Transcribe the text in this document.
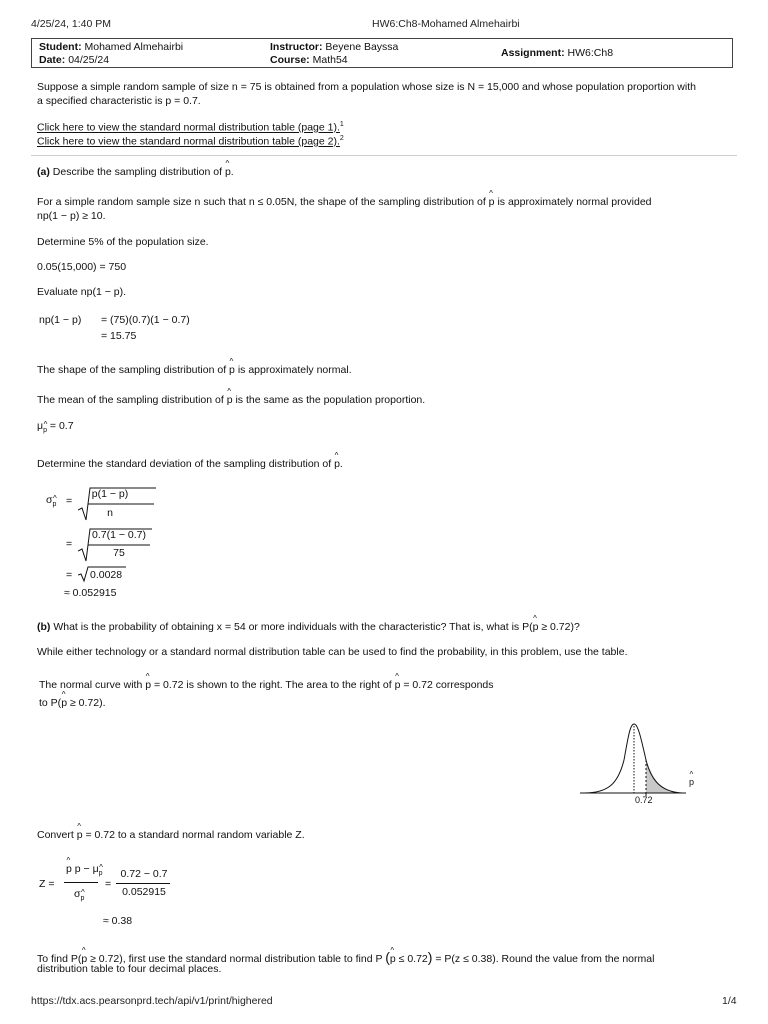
4/25/24, 1:40 PM	HW6:Ch8-Mohamed Almehairbi
Student: Mohamed Almehairbi
Date: 04/25/24
Instructor: Beyene Bayssa
Course: Math54
Assignment: HW6:Ch8
Suppose a simple random sample of size n = 75 is obtained from a population whose size is N = 15,000 and whose population proportion with
a specified characteristic is p = 0.7.
Click here to view the standard normal distribution table (page 1).$^1$
Click here to view the standard normal distribution table (page 2).$^2$
(a) Describe the sampling distribution of ^ p.
For a simple random sample size n such that n ≤ 0.05N, the shape of the sampling distribution of ^ p is approximately normal provided
np(1 − p) ≥ 10.
Determine 5% of the population size.
0.05(15,000) = 750
Evaluate np(1 − p).
np(1 − p) = (75)(0.7)(1 − 0.7)
= 15.75
The shape of the sampling distribution of ^ p is approximately normal.
The mean of the sampling distribution of ^ p is the same as the population proportion.
μ^ $_p$ = 0.7
Determine the standard deviation of the sampling distribution of ^ p.
σ^ $_p$ =
p(1 − p)
n
=
0.7(1 − 0.7)
75
= 0.0028
≈ 0.052915
(b) What is the probability of obtaining x = 54 or more individuals with the characteristic? That is, what is P(^ p ≥ 0.72)?
While either technology or a standard normal distribution table can be used to find the probability, in this problem, use the table.
The normal curve with ^ p = 0.72 is shown to the right. The area to the right of ^ p = 0.72 corresponds
to P(^ p ≥ 0.72).
^ p
0.72
Convert ^ p = 0.72 to a standard normal random variable Z.
Z =
^ p p − μ^ $_p$
σ^ $_p$
=
0.72 − 0.7
0.052915
≈ 0.38
To find P(^ p ≥ 0.72), first use the standard normal distribution table to find P (^ p ≤ 0.72) = P(z ≤ 0.38). Round the value from the normal
distribution table to four decimal places.
https://tdx.acs.pearsonprd.tech/api/v1/print/highered	1/4
